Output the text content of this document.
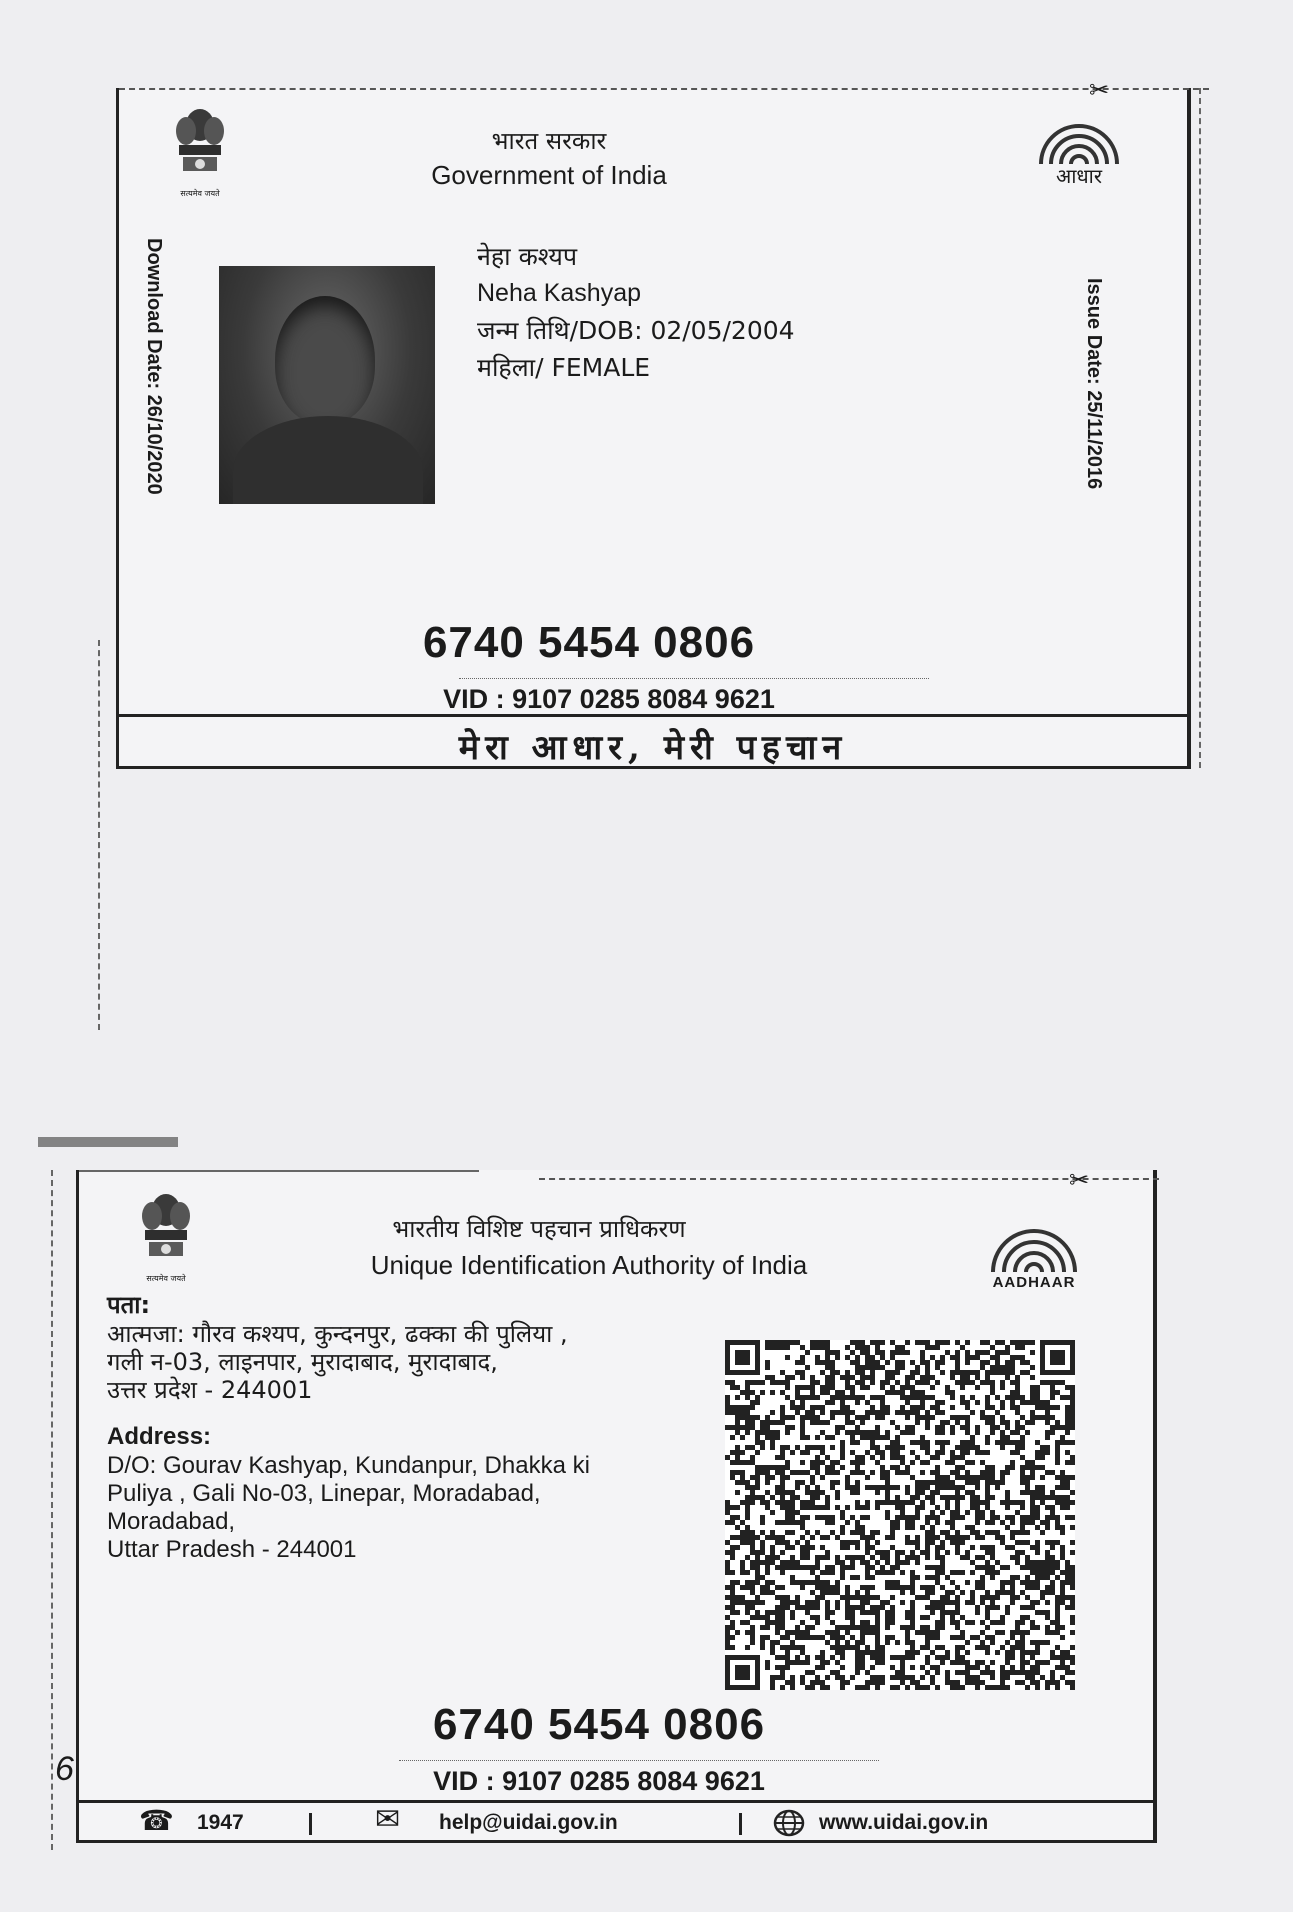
✂
सत्यमेव जयते
भारत सरकार
Government of India	आधार
Download Date: 26/10/2020	Issue Date: 25/11/2016
नेहा कश्यप
Neha Kashyap
जन्म तिथि/DOB: 02/05/2004
महिला/ FEMALE
6740 5454 0806
VID : 9107 0285 8084 9621
मेरा आधार, मेरी पहचान
✂
6
सत्यमेव जयते
भारतीय विशिष्ट पहचान प्राधिकरण
Unique Identification Authority of India
AADHAAR
पता:
आत्मजा: गौरव कश्यप, कुन्दनपुर, ढक्का की पुलिया ,
गली न-03, लाइनपार, मुरादाबाद, मुरादाबाद,
उत्तर प्रदेश - 244001
Address:
D/O: Gourav Kashyap, Kundanpur, Dhakka ki
Puliya , Gali No-03, Linepar, Moradabad,
Moradabad,
Uttar Pradesh - 244001
6740 5454 0806
VID : 9107 0285 8084 9621
☎ 1947	✉ help@uidai.gov.in	www.uidai.gov.in
